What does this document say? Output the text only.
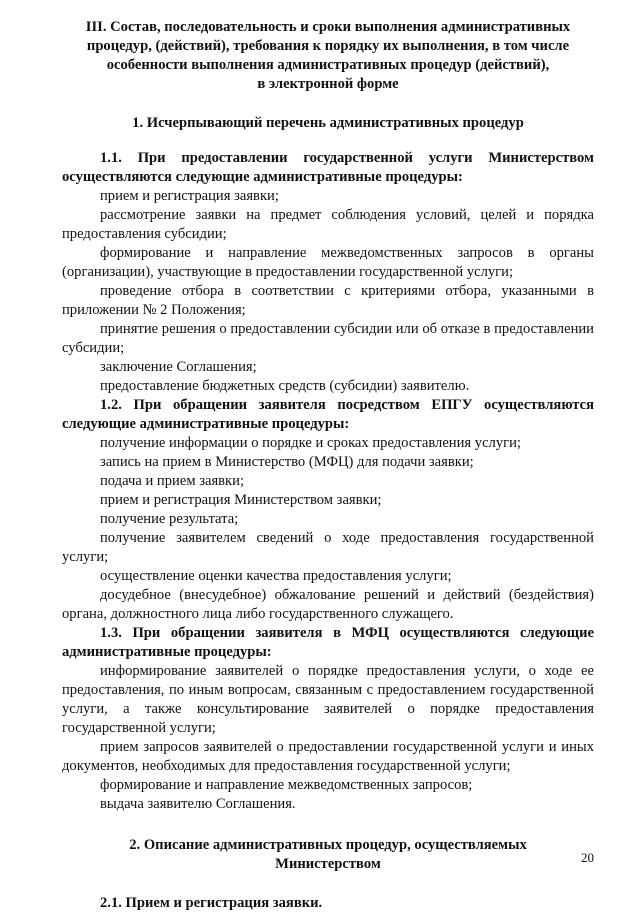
III. Состав, последовательность и сроки выполнения административных
процедур, (действий), требования к порядку их выполнения, в том числе
особенности выполнения административных процедур (действий),
в электронной форме
1. Исчерпывающий перечень административных процедур

1.1. При предоставлении государственной услуги Министерством осуществляются следующие административные процедуры:

прием и регистрация заявки;

рассмотрение заявки на предмет соблюдения условий, целей и порядка предоставления субсидии;

формирование и направление межведомственных запросов в органы (организации), участвующие в предоставлении государственной услуги;

проведение отбора в соответствии с критериями отбора, указанными в приложении № 2 Положения;

принятие решения о предоставлении субсидии или об отказе в предоставлении субсидии;

заключение Соглашения;

предоставление бюджетных средств (субсидии) заявителю.

1.2. При обращении заявителя посредством ЕПГУ осуществляются следующие административные процедуры:

получение информации о порядке и сроках предоставления услуги;

запись на прием в Министерство (МФЦ) для подачи заявки;

подача и прием заявки;

прием и регистрация Министерством заявки;

получение результата;

получение заявителем сведений о ходе предоставления государственной услуги;

осуществление оценки качества предоставления услуги;

досудебное (внесудебное) обжалование решений и действий (бездействия) органа, должностного лица либо государственного служащего.

1.3. При обращении заявителя в МФЦ осуществляются следующие административные процедуры:

информирование заявителей о порядке предоставления услуги, о ходе ее предоставления, по иным вопросам, связанным с предоставлением государственной услуги, а также консультирование заявителей о порядке предоставления государственной услуги;

прием запросов заявителей о предоставлении государственной услуги и иных документов, необходимых для предоставления государственной услуги;

формирование и направление межведомственных запросов;

выдача заявителю Соглашения.

2. Описание административных процедур, осуществляемых
Министерством

2.1. Прием и регистрация заявки.

20
